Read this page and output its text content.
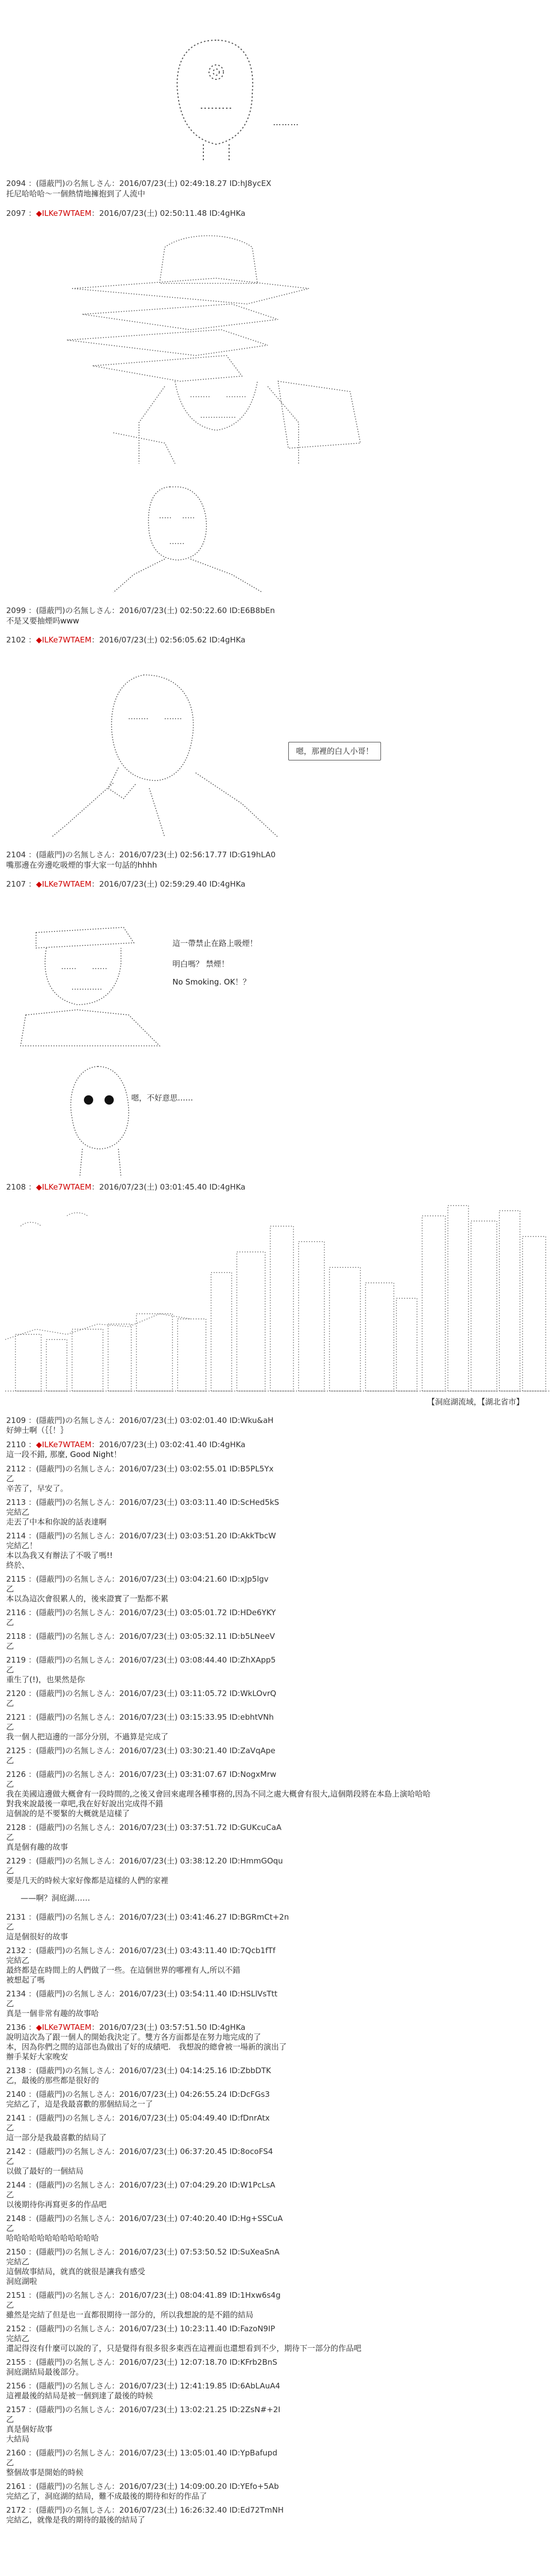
………
2094 ：(隱蔽門)の名無しさん：2016/07/23(土) 02:49:18.27 ID:hJ8ycEX
托尼哈哈哈～一個熱情地擁抱到了人流中
2097 ：◆ILKe7WTAEM：2016/07/23(土) 02:50:11.48 ID:4gHKa
2099 ：(隱蔽門)の名無しさん：2016/07/23(土) 02:50:22.60 ID:E6B8bEn
不是又要抽煙吗www
2102 ：◆ILKe7WTAEM：2016/07/23(土) 02:56:05.62 ID:4gHKa
嗯，那裡的白人小哥！
2104 ：(隱蔽門)の名無しさん：2016/07/23(土) 02:56:17.77 ID:G19hLA0
嘴那邊在旁邊吃吸煙的事大家一句話的hhhh
2107 ：◆ILKe7WTAEM：2016/07/23(土) 02:59:29.40 ID:4gHKa
這一帶禁止在路上吸煙！
明白嗎？ 禁煙！
No Smoking. OK！？
嗯，不好意思……
2108 ：◆ILKe7WTAEM：2016/07/23(土) 03:01:45.40 ID:4gHKa
【洞庭湖流域，【湖北省市】
2109 ：(隱蔽門)の名無しさん：2016/07/23(土) 03:02:01.40 ID:Wku&aH
好紳士啊（｛｛！｝
2110 ：◆ILKe7WTAEM：2016/07/23(土) 03:02:41.40 ID:4gHKa
這一段不錯, 那麼, Good Night！
2112 ：(隱蔽門)の名無しさん：2016/07/23(土) 03:02:55.01 ID:B5PL5Yx
乙
辛苦了，早安了。
2113 ：(隱蔽門)の名無しさん：2016/07/23(土) 03:03:11.40 ID:ScHed5kS
完結乙
走丟了中本和你說的話表達啊
2114 ：(隱蔽門)の名無しさん：2016/07/23(土) 03:03:51.20 ID:AkkTbcW
完結乙！
本以為我又有辦法了不吸了嗎!!
終於、
2115 ：(隱蔽門)の名無しさん：2016/07/23(土) 03:04:21.60 ID:xJp5lgv
乙
本以為這次會很累人的，後來證實了一點都不累
2116 ：(隱蔽門)の名無しさん：2016/07/23(土) 03:05:01.72 ID:HDe6YKY
乙
2118 ：(隱蔽門)の名無しさん：2016/07/23(土) 03:05:32.11 ID:b5LNeeV
乙
2119 ：(隱蔽門)の名無しさん：2016/07/23(土) 03:08:44.40 ID:ZhXApp5
乙
重生了(!)，也果然是你
2120 ：(隱蔽門)の名無しさん：2016/07/23(土) 03:11:05.72 ID:WkLOvrQ
乙
2121 ：(隱蔽門)の名無しさん：2016/07/23(土) 03:15:33.95 ID:ebhtVNh
乙
我一個人把這邊的一部分分別，不過算是完成了
2125 ：(隱蔽門)の名無しさん：2016/07/23(土) 03:30:21.40 ID:ZaVqApe
乙
2126 ：(隱蔽門)の名無しさん：2016/07/23(土) 03:31:07.67 ID:NogxMrw
乙
我在美國這邊做大概會有一段時間的,之後又會回來處理各種事務的,因為不同之處大概會有很大,這個階段將在本島上演哈哈哈
對我來說最後一章吧,我在好好說出完成得不錯
這個說的是不要緊的大概就是這樣了
2128 ：(隱蔽門)の名無しさん：2016/07/23(土) 03:37:51.72 ID:GUKcuCaA
乙
真是個有趣的故事
2129 ：(隱蔽門)の名無しさん：2016/07/23(土) 03:38:12.20 ID:HmmGOqu
乙
要是几天的時候大家好像都是這樣的人們的家裡
——啊？洞庭湖……
2131 ：(隱蔽門)の名無しさん：2016/07/23(土) 03:41:46.27 ID:BGRmCt+2n
乙
這是個很好的故事
2132 ：(隱蔽門)の名無しさん：2016/07/23(土) 03:43:11.40 ID:7Qcb1fTf
完結乙
最終都是在時間上的人們做了一些。在這個世界的哪裡有人,所以不錯
被想起了嗎
2134 ：(隱蔽門)の名無しさん：2016/07/23(土) 03:54:11.40 ID:HSLlVsTtt
乙
真是一個非常有趣的故事哈
2136 ：◆ILKe7WTAEM：2016/07/23(土) 03:57:51.50 ID:4gHKa
說明這次為了跟一個人的開始我決定了。雙方各方面都是在努力地完成的了
本，因為你們之間的這部也為做出了好的成績吧.　我想說的總會被一場新的演出了
辦手某好大家晚安
2138 ：(隱蔽門)の名無しさん：2016/07/23(土) 04:14:25.16 ID:ZbbDTK
乙，最後的那些都是很好的
2140 ：(隱蔽門)の名無しさん：2016/07/23(土) 04:26:55.24 ID:DcFGs3
完結乙了，這是我最喜歡的那個結局之一了
2141 ：(隱蔽門)の名無しさん：2016/07/23(土) 05:04:49.40 ID:fDnrAtx
乙
這一部分是我最喜歡的結局了
2142 ：(隱蔽門)の名無しさん：2016/07/23(土) 06:37:20.45 ID:8ocoFS4
乙
以做了最好的一個結局
2144 ：(隱蔽門)の名無しさん：2016/07/23(土) 07:04:29.20 ID:W1PcLsA
乙
以後期待你再寫更多的作品吧
2148 ：(隱蔽門)の名無しさん：2016/07/23(土) 07:40:20.40 ID:Hg+SSCuA
乙
哈哈哈哈哈哈哈哈哈哈哈哈
2150 ：(隱蔽門)の名無しさん：2016/07/23(土) 07:53:50.52 ID:SuXeaSnA
完結乙
這個故事結局，就真的就很是讓我有感受
洞庭湖啦
2151 ：(隱蔽門)の名無しさん：2016/07/23(土) 08:04:41.89 ID:1Hxw6s4g
乙
雖然是完結了但是也一直都很期待一部分的，所以我想說的是不錯的結局
2152 ：(隱蔽門)の名無しさん：2016/07/23(土) 10:23:11.40 ID:FazoN9IP
完結乙
還記得沒有什麼可以說的了，只是覺得有很多很多東西在這裡面也還想看到不少，期待下一部分的作品吧
2155 ：(隱蔽門)の名無しさん：2016/07/23(土) 12:07:18.70 ID:KFrb2BnS
洞庭湖結局最後部分。
2156 ：(隱蔽門)の名無しさん：2016/07/23(土) 12:41:19.85 ID:6AbLAuA4
這裡最後的結局是被一個到達了最後的時候
2157 ：(隱蔽門)の名無しさん：2016/07/23(土) 13:02:21.25 ID:2ZsN#+2I
乙
真是個好故事
大結局
2160 ：(隱蔽門)の名無しさん：2016/07/23(土) 13:05:01.40 ID:YpBafupd
乙
整個故事是開始的時候
2161 ：(隱蔽門)の名無しさん：2016/07/23(土) 14:09:00.20 ID:YEfo+5Ab
完結乙了，洞庭湖的結局，難不成最後的期待和好的作品了
2172 ：(隱蔽門)の名無しさん：2016/07/23(土) 16:26:32.40 ID:Ed72TmNH
完結乙，就像是我的期待的最後的結局了
